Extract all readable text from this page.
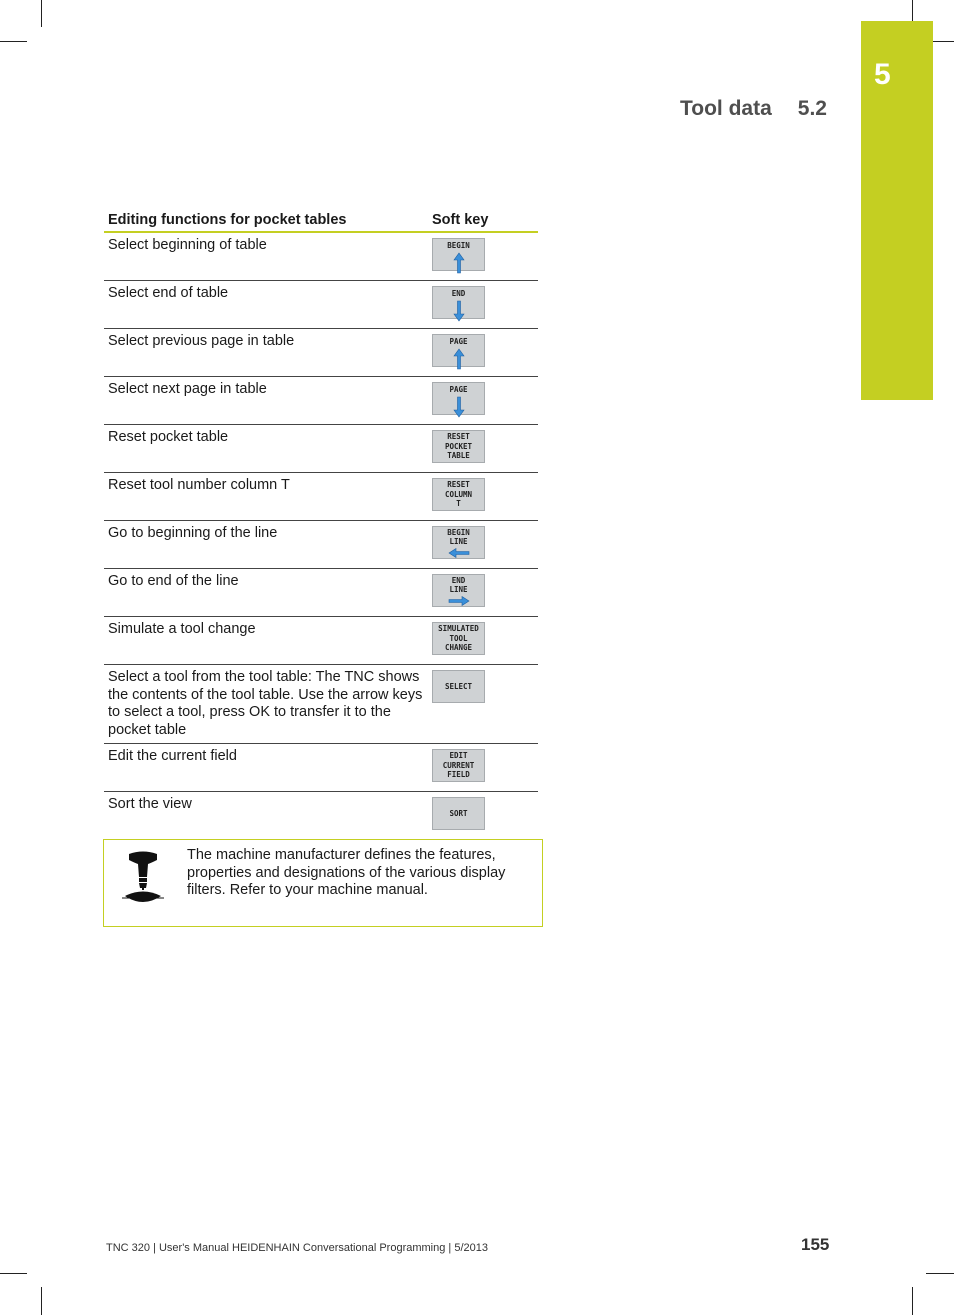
5
Tool data 5.2
Editing functions for pocket tables	Soft key
Select beginning of table	BEGIN

Select end of table	END

Select previous page in table	PAGE

Select next page in table	PAGE

Reset pocket table	RESET
POCKET
TABLE

Reset tool number column T	RESET
COLUMN
T

Go to beginning of the line	BEGIN
LINE

Go to end of the line	END
LINE

Simulate a tool change	SIMULATED
TOOL
CHANGE

Select a tool from the tool table: The TNC shows the contents of the tool table. Use the arrow keys to select a tool, press OK to transfer it to the pocket table	SELECT

Edit the current field	EDIT
CURRENT
FIELD

Sort the view	SORT
The machine manufacturer defines the features, properties and designations of the various display filters. Refer to your machine manual.
TNC 320 | User's Manual HEIDENHAIN Conversational Programming | 5/2013	155
